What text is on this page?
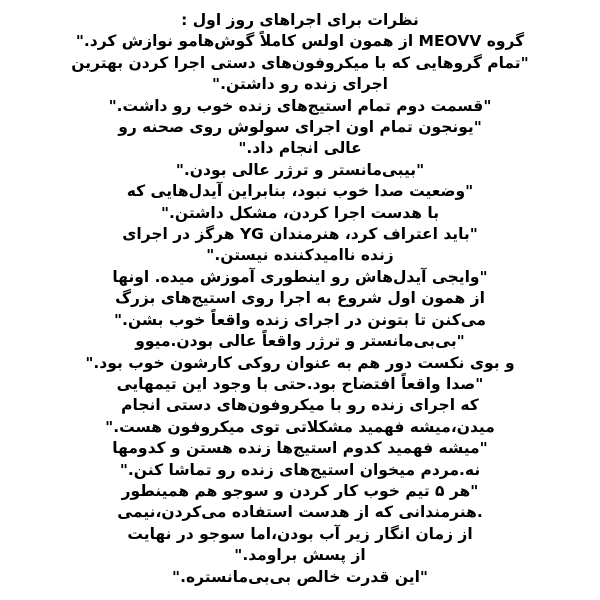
نظرات برای اجراهای روز اول :
گروه MEOVV از همون اولس کاملاً گوش‌هامو نوازش کرد."
"تمام گروهایی که با میکروفون‌های دستی اجرا کردن بهترین
اجرای زنده رو داشتن."
"قسمت دوم تمام استیج‌های زنده خوب رو داشت."
"یونجون تمام اون اجرای سولوش روی صحنه رو
عالی انجام داد."
"بیبی‌مانستر و ترژر عالی بودن."
"وضعیت صدا خوب نبود، بنابراین آیدل‌هایی که
با هدست اجرا کردن، مشکل داشتن."
"باید اعتراف کرد، هنرمندان YG هرگز در اجرای
زنده ناامیدکننده نیستن."
"وایجی آیدل‌هاش رو اینطوری آموزش میده. اونها
از همون اول شروع به اجرا روی استیج‌های بزرگ
می‌کنن تا بتونن در اجرای زنده واقعاً خوب بشن."
"بی‌بی‌مانستر و ترژر واقعاً عالی بودن.میوو
و بوی نکست دور هم به عنوان روکی کارشون خوب بود."
"صدا واقعاً افتضاح بود.حتی با وجود این تیمهایی
که اجرای زنده رو با میکروفون‌های دستی انجام
میدن،میشه فهمید مشکلاتی توی میکروفون هست."
"میشه فهمید کدوم استیج‌ها زنده هستن و کدومها
نه.مردم میخوان استیج‌های زنده رو تماشا کنن."
"هر ۵ تیم خوب کار کردن و سوجو هم همینطور
.هنرمندانی که از هدست استفاده می‌کردن،نیمی
از زمان انگار زیر آب بودن،اما سوجو در نهایت
از پسش براومد."
"این قدرت خالص بی‌بی‌مانستره."
